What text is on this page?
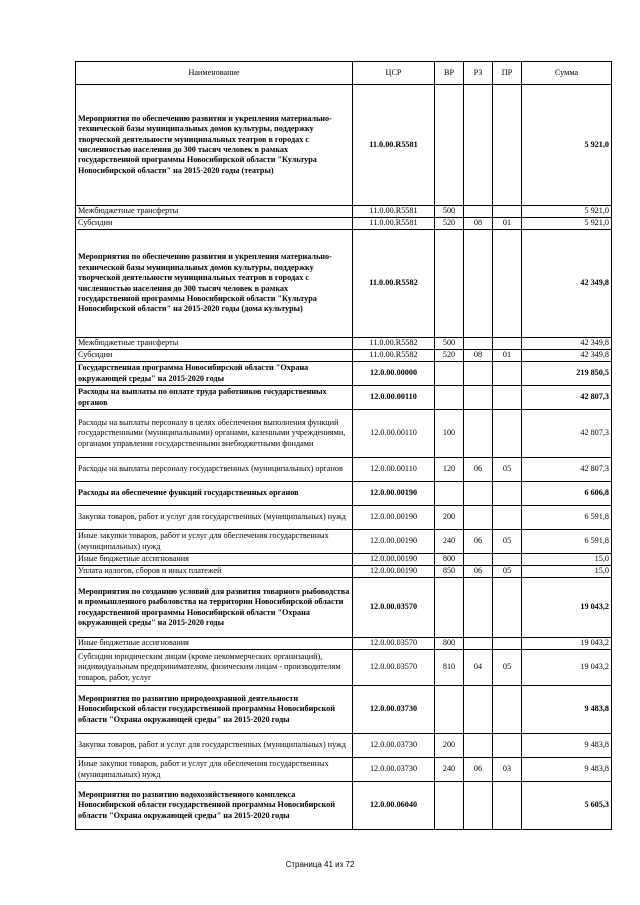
Наименование	ЦСР	ВР	РЗ	ПР	Сумма
Мероприятия по обеспечению развития и укрепления материально-технической базы муниципальных домов культуры, поддержку творческой деятельности муниципальных театров в городах с численностью населения до 300 тысяч человек в рамках государственной программы Новосибирской области "Культура Новосибирской области" на 2015-2020 годы (театры)	11.0.00.R5581				5 921,0
Межбюджетные трансферты	11.0.00.R5581	500			5 921,0
Субсидии	11.0.00.R5581	520	08	01	5 921,0
Мероприятия по обеспечению развития и укрепления материально-технической базы муниципальных домов культуры, поддержку творческой деятельности муниципальных театров в городах с численностью населения до 300 тысяч человек в рамках государственной программы Новосибирской области "Культура Новосибирской области" на 2015-2020 годы (дома культуры)	11.0.00.R5582				42 349,8
Межбюджетные трансферты	11.0.00.R5582	500			42 349,8
Субсидии	11.0.00.R5582	520	08	01	42 349,8
Государственная программа Новосибирской области "Охрана окружающей среды" на 2015-2020 годы	12.0.00.00000				219 850,5
Расходы на выплаты по оплате труда работников государственных органов	12.0.00.00110				42 807,3
Расходы на выплаты персоналу в целях обеспечения выполнения функций государственными (муниципальными) органами, казенными учреждениями, органами управления государственными внебюджетными фондами	12.0.00.00110	100			42 807,3
Расходы на выплаты персоналу государственных (муниципальных) органов	12.0.00.00110	120	06	05	42 807,3
Расходы на обеспечение функций государственных органов	12.0.00.00190				6 606,8
Закупка товаров, работ и услуг для государственных (муниципальных) нужд	12.0.00.00190	200			6 591,8
Иные закупки товаров, работ и услуг для обеспечения государственных (муниципальных) нужд	12.0.00.00190	240	06	05	6 591,8
Иные бюджетные ассигнования	12.0.00.00190	800			15,0
Уплата налогов, сборов и иных платежей	12.0.00.00190	850	06	05	15,0
Мероприятия по созданию условий для развития товарного рыбоводства и промышленного рыболовства на территории Новосибирской области государственной программы Новосибирской области "Охрана окружающей среды" на 2015-2020 годы	12.0.00.03570				19 043,2
Иные бюджетные ассигнования	12.0.00.03570	800			19 043,2
Субсидии юридическим лицам (кроме некоммерческих организаций), индивидуальным предпринимателям, физическим лицам - производителям товаров, работ, услуг	12.0.00.03570	810	04	05	19 043,2
Мероприятия по развитию природоохранной деятельности Новосибирской области государственной программы Новосибирской области "Охрана окружающей среды" на 2015-2020 годы	12.0.00.03730				9 483,8
Закупка товаров, работ и услуг для государственных (муниципальных) нужд	12.0.00.03730	200			9 483,8
Иные закупки товаров, работ и услуг для обеспечения государственных (муниципальных) нужд	12.0.00.03730	240	06	03	9 483,8
Мероприятия по развитию водохозяйственного комплекса Новосибирской области государственной программы Новосибирской области "Охрана окружающей среды" на 2015-2020 годы	12.0.00.06040				5 605,3
Страница 41 из 72
